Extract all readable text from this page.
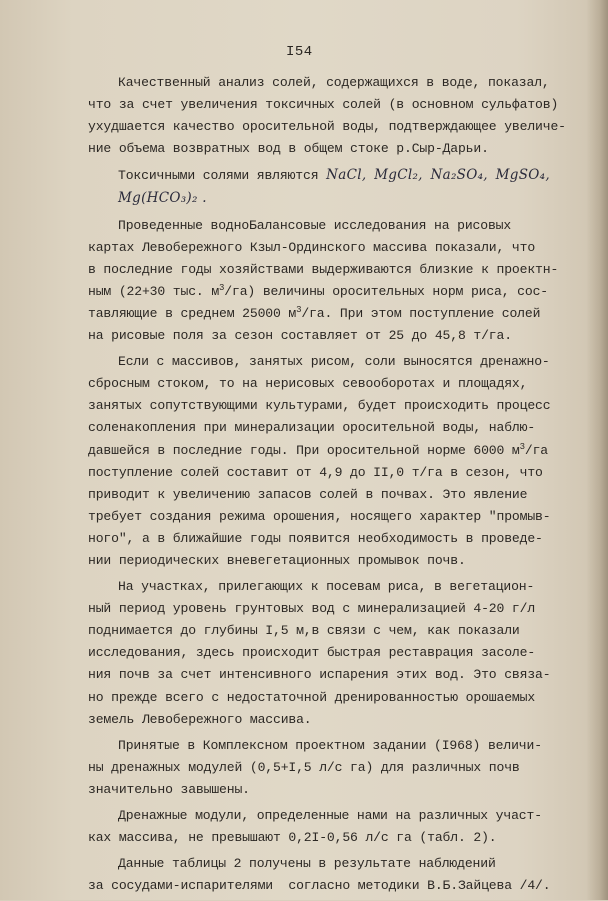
I54

Качественный анализ солей, содержащихся в воде, показал,
что за счет увеличения токсичных солей (в основном сульфатов)
ухудшается качество оросительной воды, подтверждающее увеличе-
ние объема возвратных вод в общем стоке р.Сыр-Дарьи.

Токсичными солями являются NaCl, MgCl₂, Na₂SO₄, MgSO₄,
Mg(HCO₃)₂ .

Проведенные водноБалансовые исследования на рисовых
картах Левобережного Кзыл-Ординского массива показали, что
в последние годы хозяйствами выдерживаются близкие к проектн-
ным (22+30 тыс. $м^3/га$) величины оросительных норм риса, сос-
тавляющие в среднем 25000 $м^3/га$. При этом поступление солей
на рисовые поля за сезон составляет от 25 до 45,8 т/га.

Если с массивов, занятых рисом, соли выносятся дренажно-
сбросным стоком, то на нерисовых севооборотах и площадях,
занятых сопутствующими культурами, будет происходить процесс
соленакопления при минерализации оросительной воды, наблю-
давшейся в последние годы. При оросительной норме 6000 $м^3/га$
поступление солей составит от 4,9 до II,0 т/га в сезон, что
приводит к увеличению запасов солей в почвах. Это явление
требует создания режима орошения, носящего характер "промыв-
ного", а в ближайшие годы появится необходимость в проведе-
нии периодических вневегетационных промывок почв.

На участках, прилегающих к посевам риса, в вегетацион-
ный период уровень грунтовых вод с минерализацией 4-20 г/л
поднимается до глубины I,5 м,в связи с чем, как показали
исследования, здесь происходит быстрая реставрация засоле-
ния почв за счет интенсивного испарения этих вод. Это связа-
но прежде всего с недостаточной дренированностью орошаемых
земель Левобережного массива.

Принятые в Комплексном проектном задании (I968) величи-
ны дренажных модулей (0,5+I,5 л/с га) для различных почв
значительно завышены.

Дренажные модули, определенные нами на различных участ-
ках массива, не превышают 0,2I-0,56 л/с га (табл. 2).

Данные таблицы 2 получены в результате наблюдений
за сосудами-испарителями  согласно методики В.Б.Зайцева /4/.
